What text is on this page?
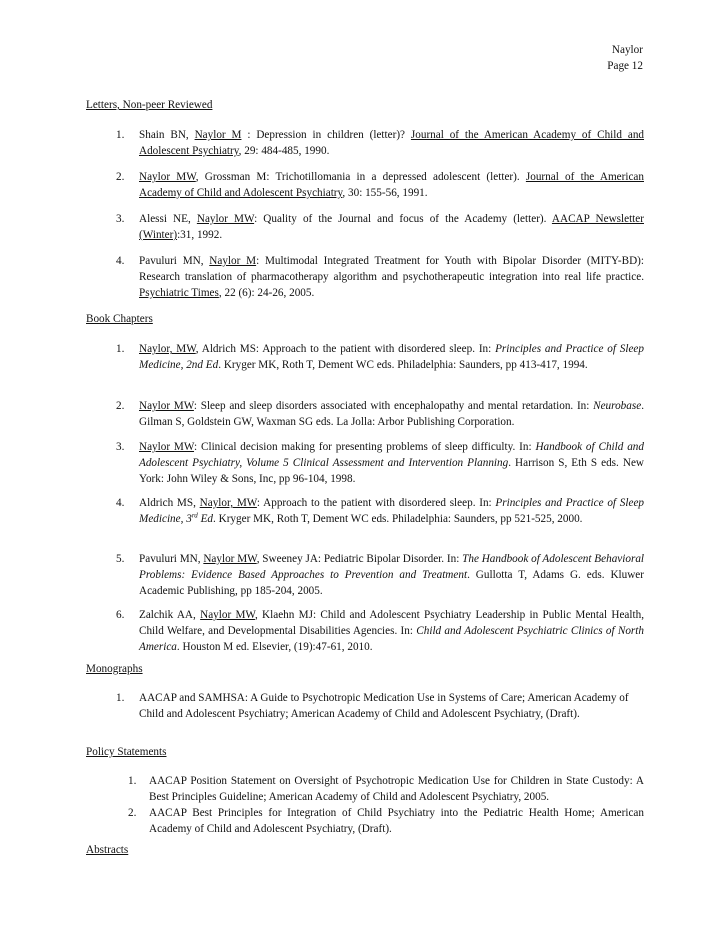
Naylor
Page 12
Letters, Non-peer Reviewed
1.	Shain BN, Naylor M : Depression in children (letter)? Journal of the American Academy of Child and Adolescent Psychiatry, 29: 484-485, 1990.
2.	Naylor MW, Grossman M: Trichotillomania in a depressed adolescent (letter). Journal of the American Academy of Child and Adolescent Psychiatry, 30: 155-56, 1991.
3.	Alessi NE, Naylor MW: Quality of the Journal and focus of the Academy (letter). AACAP Newsletter (Winter):31, 1992.
4.	Pavuluri MN, Naylor M: Multimodal Integrated Treatment for Youth with Bipolar Disorder (MITY-BD): Research translation of pharmacotherapy algorithm and psychotherapeutic integration into real life practice. Psychiatric Times, 22 (6): 24-26, 2005.
Book Chapters
1.	Naylor, MW, Aldrich MS: Approach to the patient with disordered sleep. In: Principles and Practice of Sleep Medicine, 2nd Ed. Kryger MK, Roth T, Dement WC eds. Philadelphia: Saunders, pp 413-417, 1994.
2.	Naylor MW: Sleep and sleep disorders associated with encephalopathy and mental retardation. In: Neurobase. Gilman S, Goldstein GW, Waxman SG eds. La Jolla: Arbor Publishing Corporation.
3.	Naylor MW: Clinical decision making for presenting problems of sleep difficulty. In: Handbook of Child and Adolescent Psychiatry, Volume 5 Clinical Assessment and Intervention Planning. Harrison S, Eth S eds. New York: John Wiley & Sons, Inc, pp 96-104, 1998.
4.	Aldrich MS, Naylor, MW: Approach to the patient with disordered sleep. In: Principles and Practice of Sleep Medicine, 3rd Ed. Kryger MK, Roth T, Dement WC eds. Philadelphia: Saunders, pp 521-525, 2000.
5.	Pavuluri MN, Naylor MW, Sweeney JA: Pediatric Bipolar Disorder. In: The Handbook of Adolescent Behavioral Problems: Evidence Based Approaches to Prevention and Treatment. Gullotta T, Adams G. eds. Kluwer Academic Publishing, pp 185-204, 2005.
6.	Zalchik AA, Naylor MW, Klaehn MJ: Child and Adolescent Psychiatry Leadership in Public Mental Health, Child Welfare, and Developmental Disabilities Agencies. In: Child and Adolescent Psychiatric Clinics of North America. Houston M ed. Elsevier, (19):47-61, 2010.
Monographs
1.	AACAP and SAMHSA: A Guide to Psychotropic Medication Use in Systems of Care; American Academy of Child and Adolescent Psychiatry; American Academy of Child and Adolescent Psychiatry, (Draft).
Policy Statements
1.	AACAP Position Statement on Oversight of Psychotropic Medication Use for Children in State Custody: A Best Principles Guideline; American Academy of Child and Adolescent Psychiatry, 2005.
2.	AACAP Best Principles for Integration of Child Psychiatry into the Pediatric Health Home; American Academy of Child and Adolescent Psychiatry, (Draft).
Abstracts
